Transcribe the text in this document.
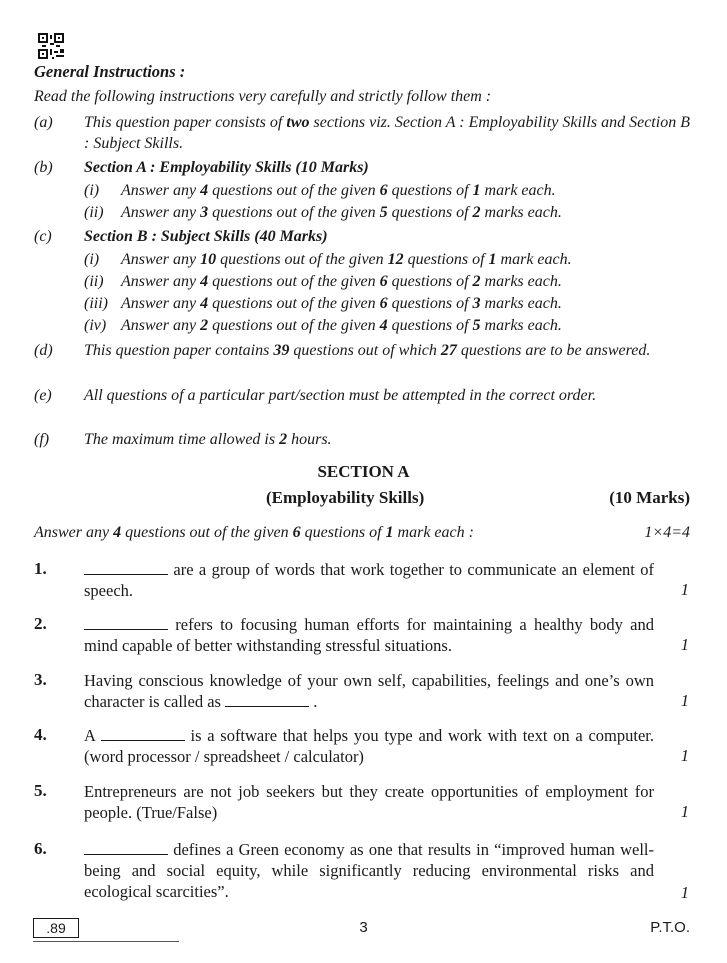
General Instructions :
Read the following instructions very carefully and strictly follow them :
(a) This question paper consists of two sections viz. Section A : Employability Skills and Section B : Subject Skills.
(b) Section A : Employability Skills (10 Marks)
(i) Answer any 4 questions out of the given 6 questions of 1 mark each.
(ii) Answer any 3 questions out of the given 5 questions of 2 marks each.
(c) Section B : Subject Skills (40 Marks)
(i) Answer any 10 questions out of the given 12 questions of 1 mark each.
(ii) Answer any 4 questions out of the given 6 questions of 2 marks each.
(iii) Answer any 4 questions out of the given 6 questions of 3 marks each.
(iv) Answer any 2 questions out of the given 4 questions of 5 marks each.
(d) This question paper contains 39 questions out of which 27 questions are to be answered.
(e) All questions of a particular part/section must be attempted in the correct order.
(f) The maximum time allowed is 2 hours.
SECTION A
(Employability Skills)	(10 Marks)
Answer any 4 questions out of the given 6 questions of 1 mark each :	1×4=4
1.	are a group of words that work together to communicate an element of speech.	1
2.	refers to focusing human efforts for maintaining a healthy body and mind capable of better withstanding stressful situations.	1
3. Having conscious knowledge of your own self, capabilities, feelings and one’s own character is called as	.	1
4. A	is a software that helps you type and work with text on a computer. (word processor / spreadsheet / calculator)	1
5. Entrepreneurs are not job seekers but they create opportunities of employment for people. (True/False)	1
6.	defines a Green economy as one that results in “improved human well-being and social equity, while significantly reducing environmental risks and ecological scarcities”.	1
.89	3	P.T.O.
